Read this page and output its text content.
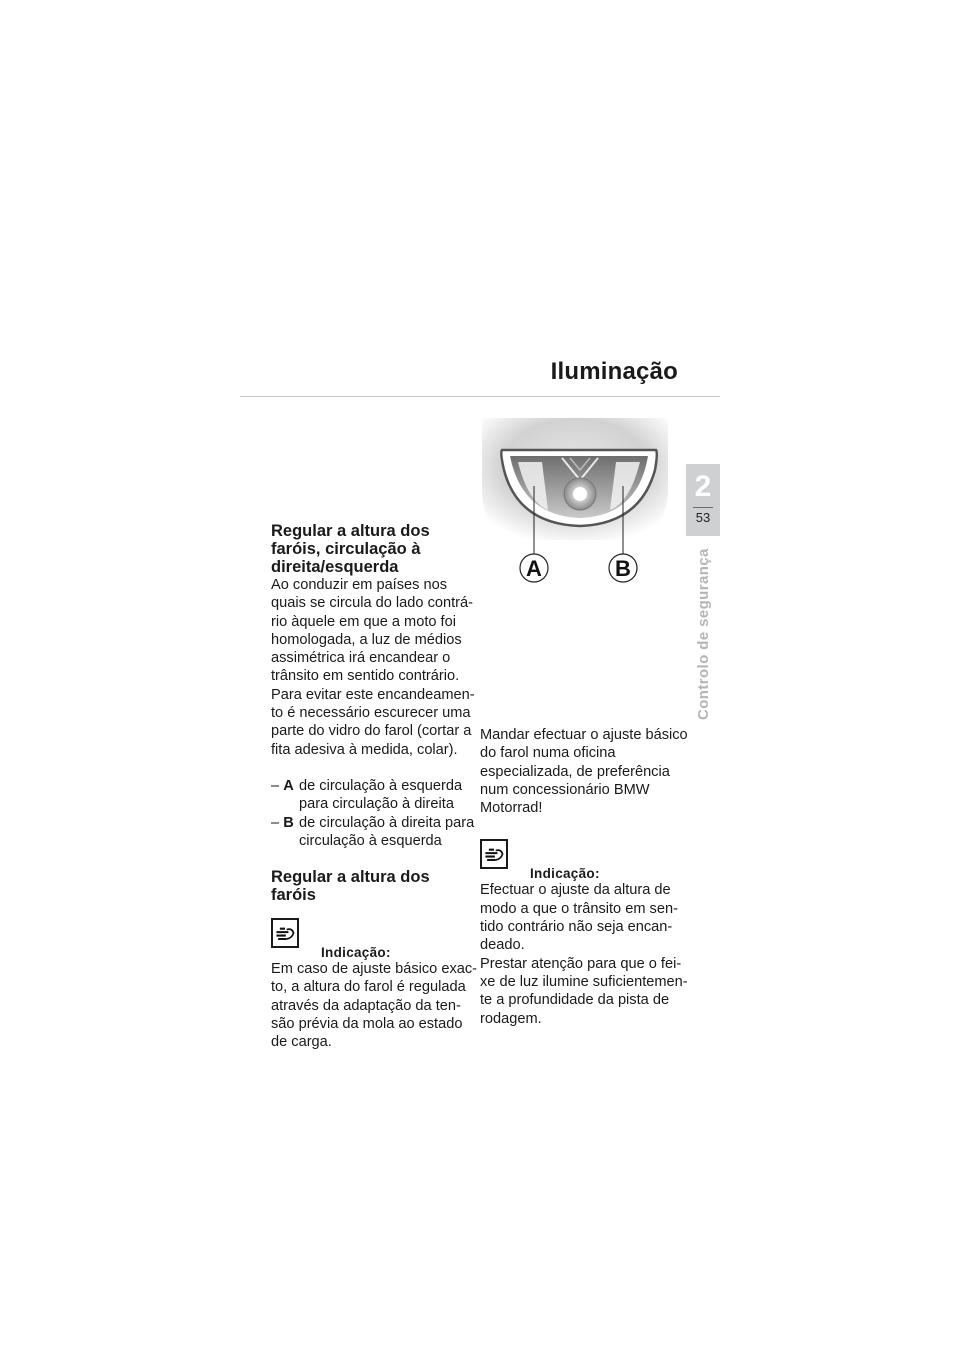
Iluminação
2
53
Controlo de segurança
A	B
Regular a altura dos faróis, circulação à direita/esquerda

Ao conduzir em países nos quais se circula do lado contrá-rio àquele em que a moto foi homologada, a luz de médios assimétrica irá encandear o trânsito em sentido contrário. Para evitar este encandeamen-to é necessário escurecer uma parte do vidro do farol (cortar a fita adesiva à medida, colar).

– A de circulação à esquerda para circulação à direita
– B de circulação à direita para circulação à esquerda
Regular a altura dos faróis
Indicação:

Em caso de ajuste básico exac-to, a altura do farol é regulada através da adaptação da ten-são prévia da mola ao estado de carga.

Mandar efectuar o ajuste básico do farol numa oficina especializada, de preferência num concessionário BMW Motorrad!

Indicação:

Efectuar o ajuste da altura de modo a que o trânsito em sen-tido contrário não seja encan-deado.

Prestar atenção para que o fei-xe de luz ilumine suficientemen-te a profundidade da pista de rodagem.
